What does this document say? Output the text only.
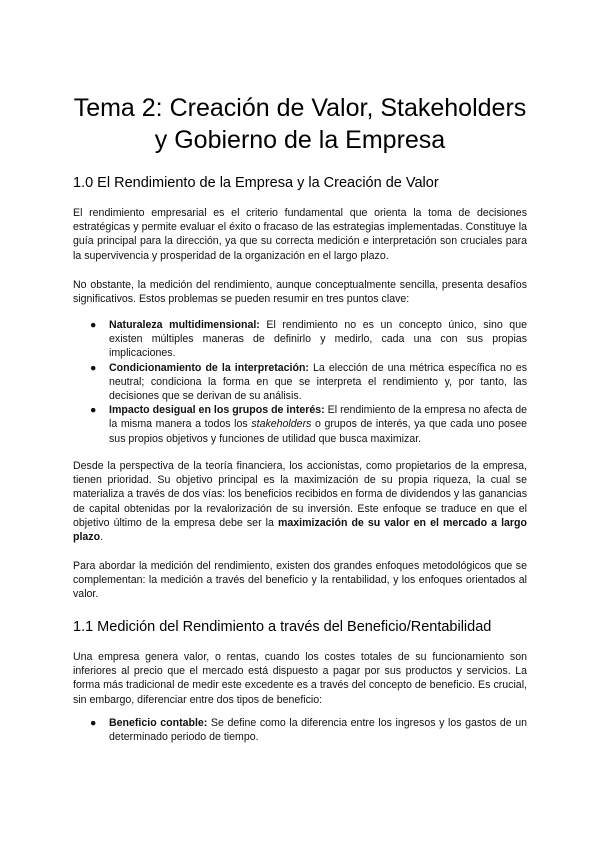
Tema 2: Creación de Valor, Stakeholders
y Gobierno de la Empresa
1.0 El Rendimiento de la Empresa y la Creación de Valor

El rendimiento empresarial es el criterio fundamental que orienta la toma de decisiones estratégicas y permite evaluar el éxito o fracaso de las estrategias implementadas. Constituye la guía principal para la dirección, ya que su correcta medición e interpretación son cruciales para la supervivencia y prosperidad de la organización en el largo plazo.

No obstante, la medición del rendimiento, aunque conceptualmente sencilla, presenta desafíos significativos. Estos problemas se pueden resumir en tres puntos clave:

● Naturaleza multidimensional: El rendimiento no es un concepto único, sino que existen múltiples maneras de definirlo y medirlo, cada una con sus propias implicaciones.
● Condicionamiento de la interpretación: La elección de una métrica específica no es neutral; condiciona la forma en que se interpreta el rendimiento y, por tanto, las decisiones que se derivan de su análisis.
● Impacto desigual en los grupos de interés: El rendimiento de la empresa no afecta de la misma manera a todos los stakeholders o grupos de interés, ya que cada uno posee sus propios objetivos y funciones de utilidad que busca maximizar.

Desde la perspectiva de la teoría financiera, los accionistas, como propietarios de la empresa, tienen prioridad. Su objetivo principal es la maximización de su propia riqueza, la cual se materializa a través de dos vías: los beneficios recibidos en forma de dividendos y las ganancias de capital obtenidas por la revalorización de su inversión. Este enfoque se traduce en que el objetivo último de la empresa debe ser la maximización de su valor en el mercado a largo plazo.

Para abordar la medición del rendimiento, existen dos grandes enfoques metodológicos que se complementan: la medición a través del beneficio y la rentabilidad, y los enfoques orientados al valor.

1.1 Medición del Rendimiento a través del Beneficio/Rentabilidad

Una empresa genera valor, o rentas, cuando los costes totales de su funcionamiento son inferiores al precio que el mercado está dispuesto a pagar por sus productos y servicios. La forma más tradicional de medir este excedente es a través del concepto de beneficio. Es crucial, sin embargo, diferenciar entre dos tipos de beneficio:

● Beneficio contable: Se define como la diferencia entre los ingresos y los gastos de un determinado periodo de tiempo.
